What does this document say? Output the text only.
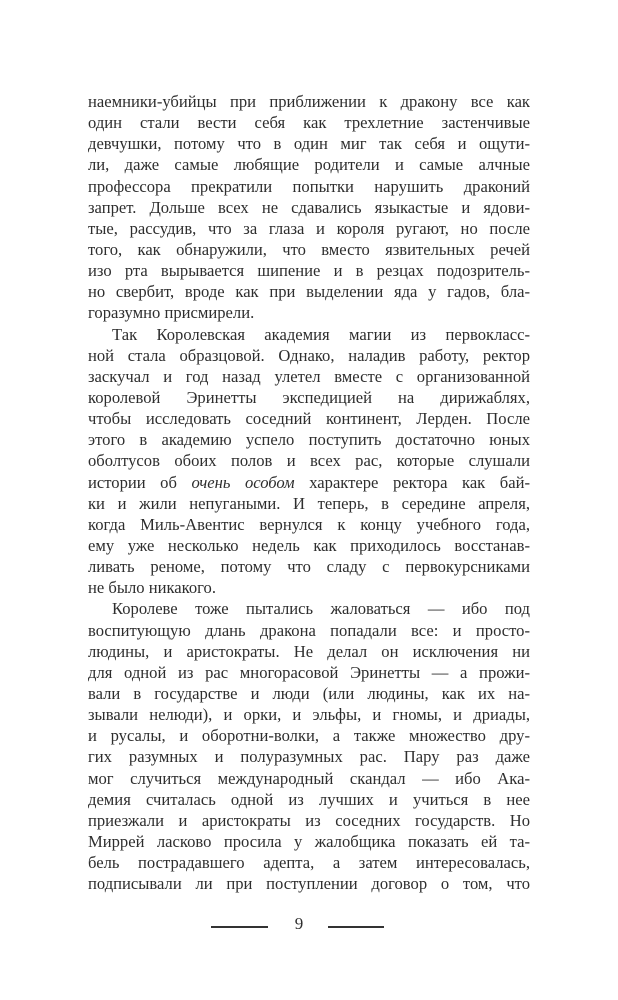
наемники-убийцы при приближении к дракону все как
один стали вести себя как трехлетние застенчивые
девчушки, потому что в один миг так себя и ощути-
ли, даже самые любящие родители и самые алчные
профессора прекратили попытки нарушить драконий
запрет. Дольше всех не сдавались языкастые и ядови-
тые, рассудив, что за глаза и короля ругают, но после
того, как обнаружили, что вместо язвительных речей
изо рта вырывается шипение и в резцах подозритель-
но свербит, вроде как при выделении яда у гадов, бла-
горазумно присмирели.
Так Королевская академия магии из первокласс-
ной стала образцовой. Однако, наладив работу, ректор
заскучал и год назад улетел вместе с организованной
королевой Эринетты экспедицией на дирижаблях,
чтобы исследовать соседний континент, Лерден. После
этого в академию успело поступить достаточно юных
оболтусов обоих полов и всех рас, которые слушали
истории об очень особом характере ректора как бай-
ки и жили непугаными. И теперь, в середине апреля,
когда Миль-Авентис вернулся к концу учебного года,
ему уже несколько недель как приходилось восстанав-
ливать реноме, потому что сладу с первокурсниками
не было никакого.
Королеве тоже пытались жаловаться — ибо под
воспитующую длань дракона попадали все: и просто-
людины, и аристократы. Не делал он исключения ни
для одной из рас многорасовой Эринетты — а прожи-
вали в государстве и люди (или людины, как их на-
зывали нелюди), и орки, и эльфы, и гномы, и дриады,
и русалы, и оборотни-волки, а также множество дру-
гих разумных и полуразумных рас. Пару раз даже
мог случиться международный скандал — ибо Ака-
демия считалась одной из лучших и учиться в нее
приезжали и аристократы из соседних государств. Но
Миррей ласково просила у жалобщика показать ей та-
бель пострадавшего адепта, а затем интересовалась,
подписывали ли при поступлении договор о том, что
9
